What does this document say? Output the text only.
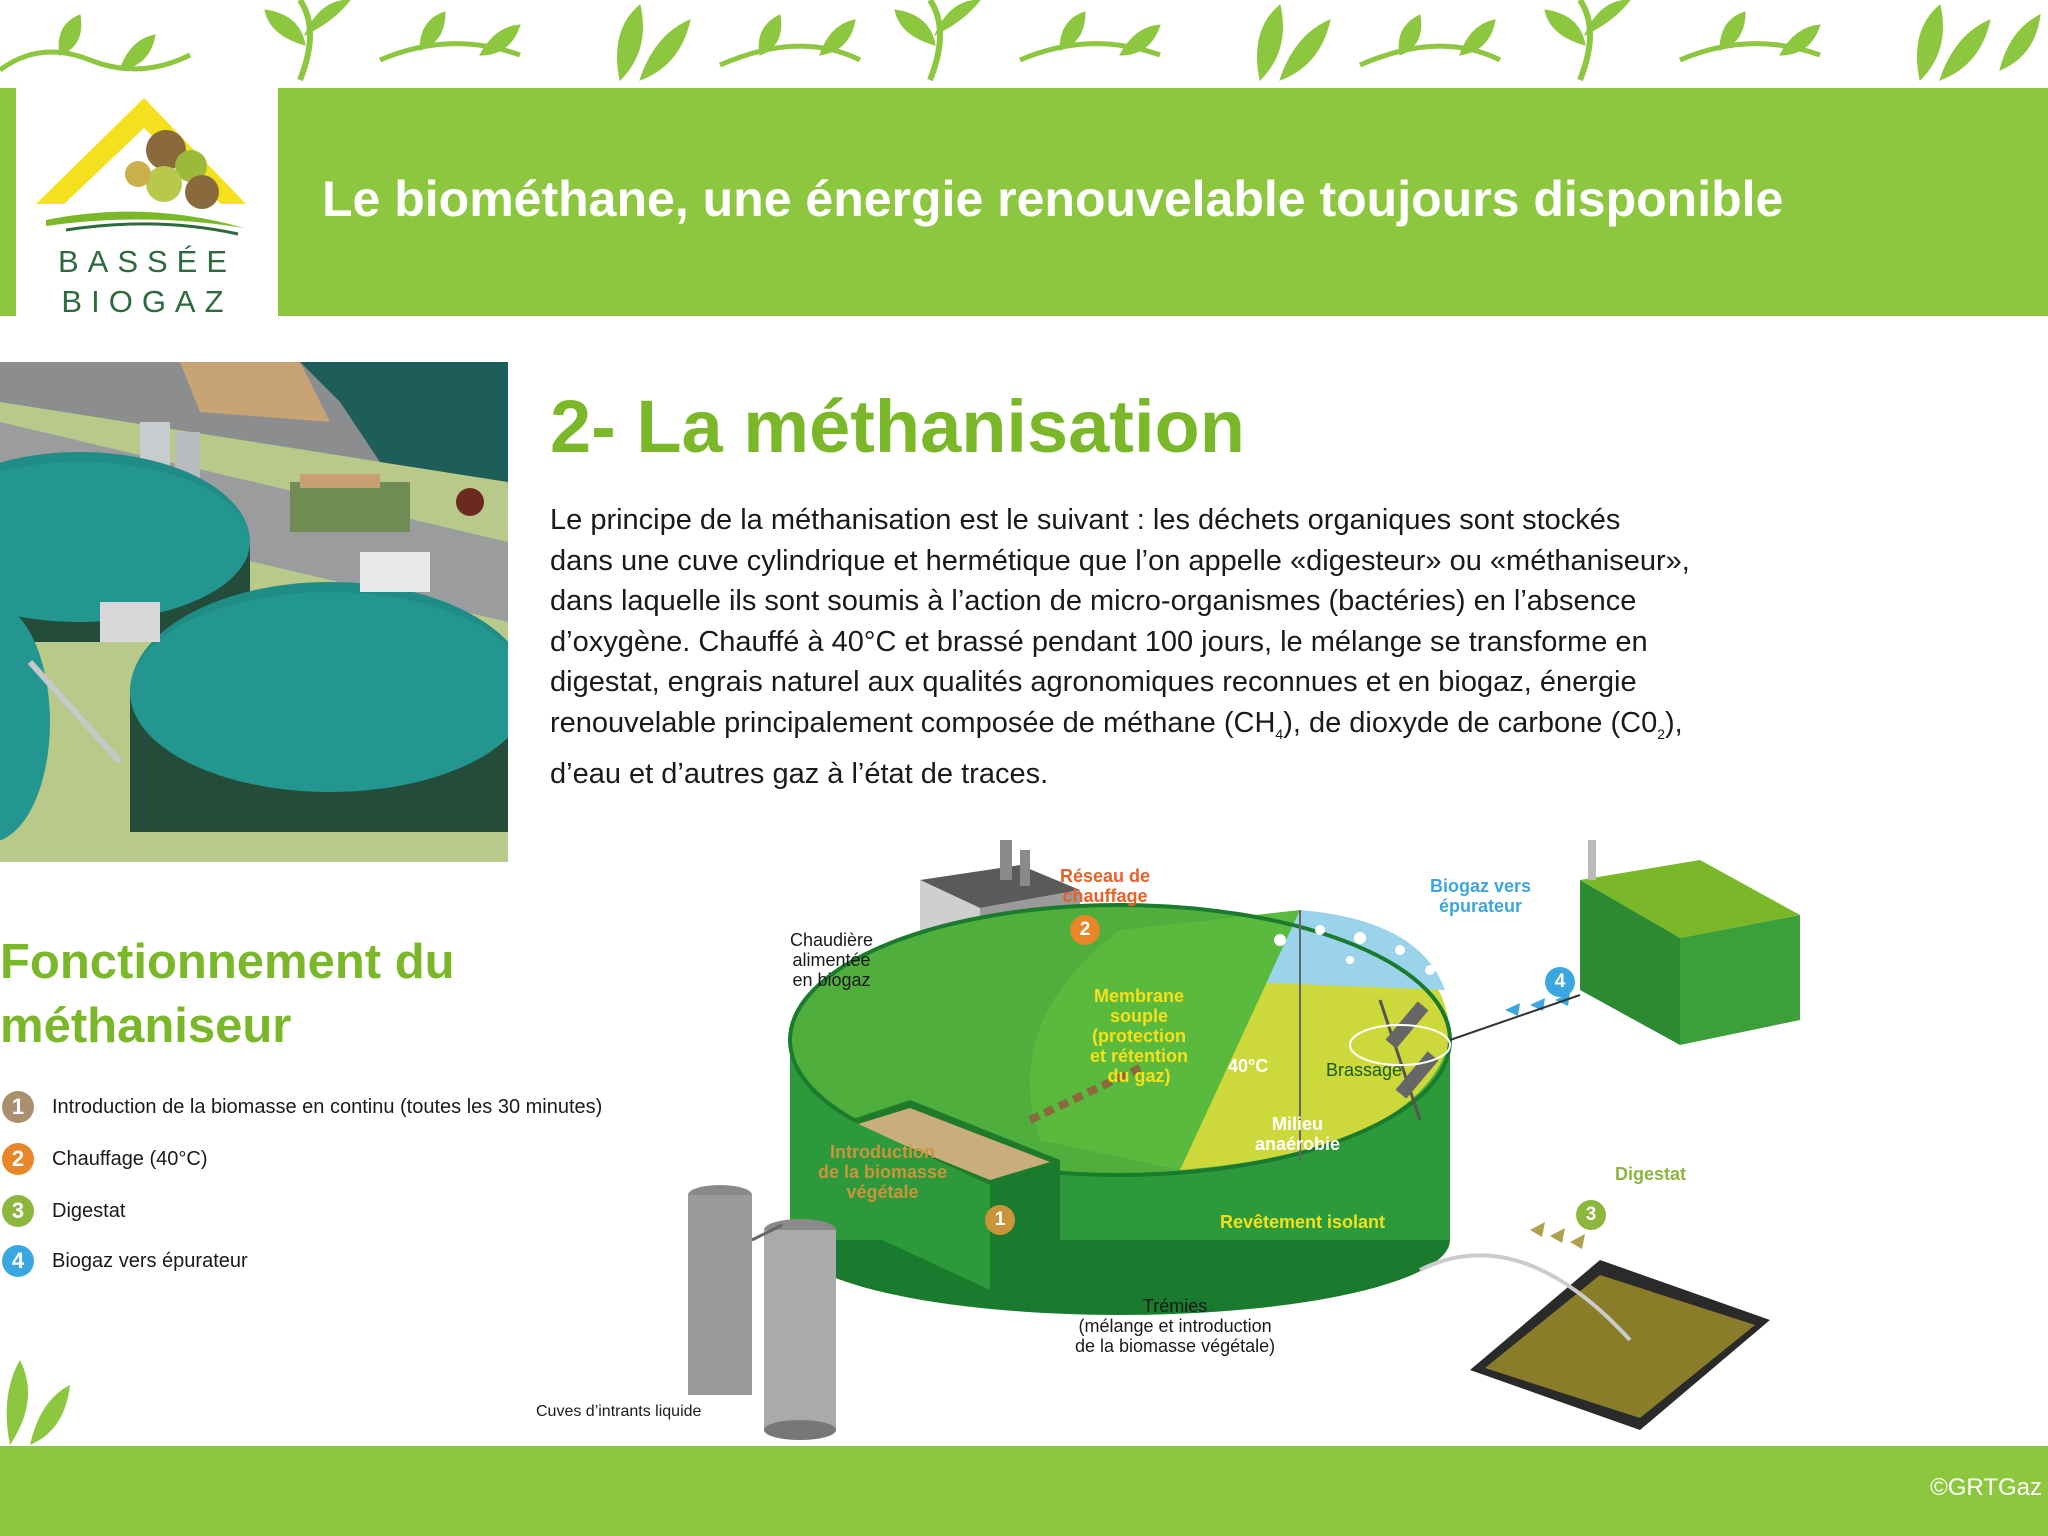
BASSÉE
BIOGAZ
Le biométhane, une énergie renouvelable toujours disponible
2- La méthanisation

Le principe de la méthanisation est le suivant : les déchets organiques sont stockés

dans une cuve cylindrique et hermétique que l’on appelle «digesteur» ou «méthaniseur»,

dans laquelle ils sont soumis à l’action de micro-organismes (bactéries) en l’absence

d’oxygène. Chauffé à 40°C et brassé pendant 100 jours, le mélange se transforme en

digestat, engrais naturel aux qualités agronomiques reconnues et en biogaz, énergie

renouvelable principalement composée de méthane $(CH_4)$, de dioxyde de carbone $(C0_2)$,

d’eau et d’autres gaz à l’état de traces.

Fonctionnement du
méthaniseur
1	Introduction de la biomasse en continu (toutes les 30 minutes)
2	Chauffage (40°C)
3	Digestat
4	Biogaz vers épurateur
Réseau de
chauffage
2
Chaudière
alimentée
en biogaz
Biogaz vers
épurateur
4
Membrane
souple
(protection
et rétention
du gaz)	40°C	Brassage
Milieu
anaérobie
Revêtement isolant
Introduction
de la biomasse
végétale
1
Digestat
3
Trémies
(mélange et introduction
de la biomasse végétale)
Cuves d’intrants liquide
©GRTGaz
